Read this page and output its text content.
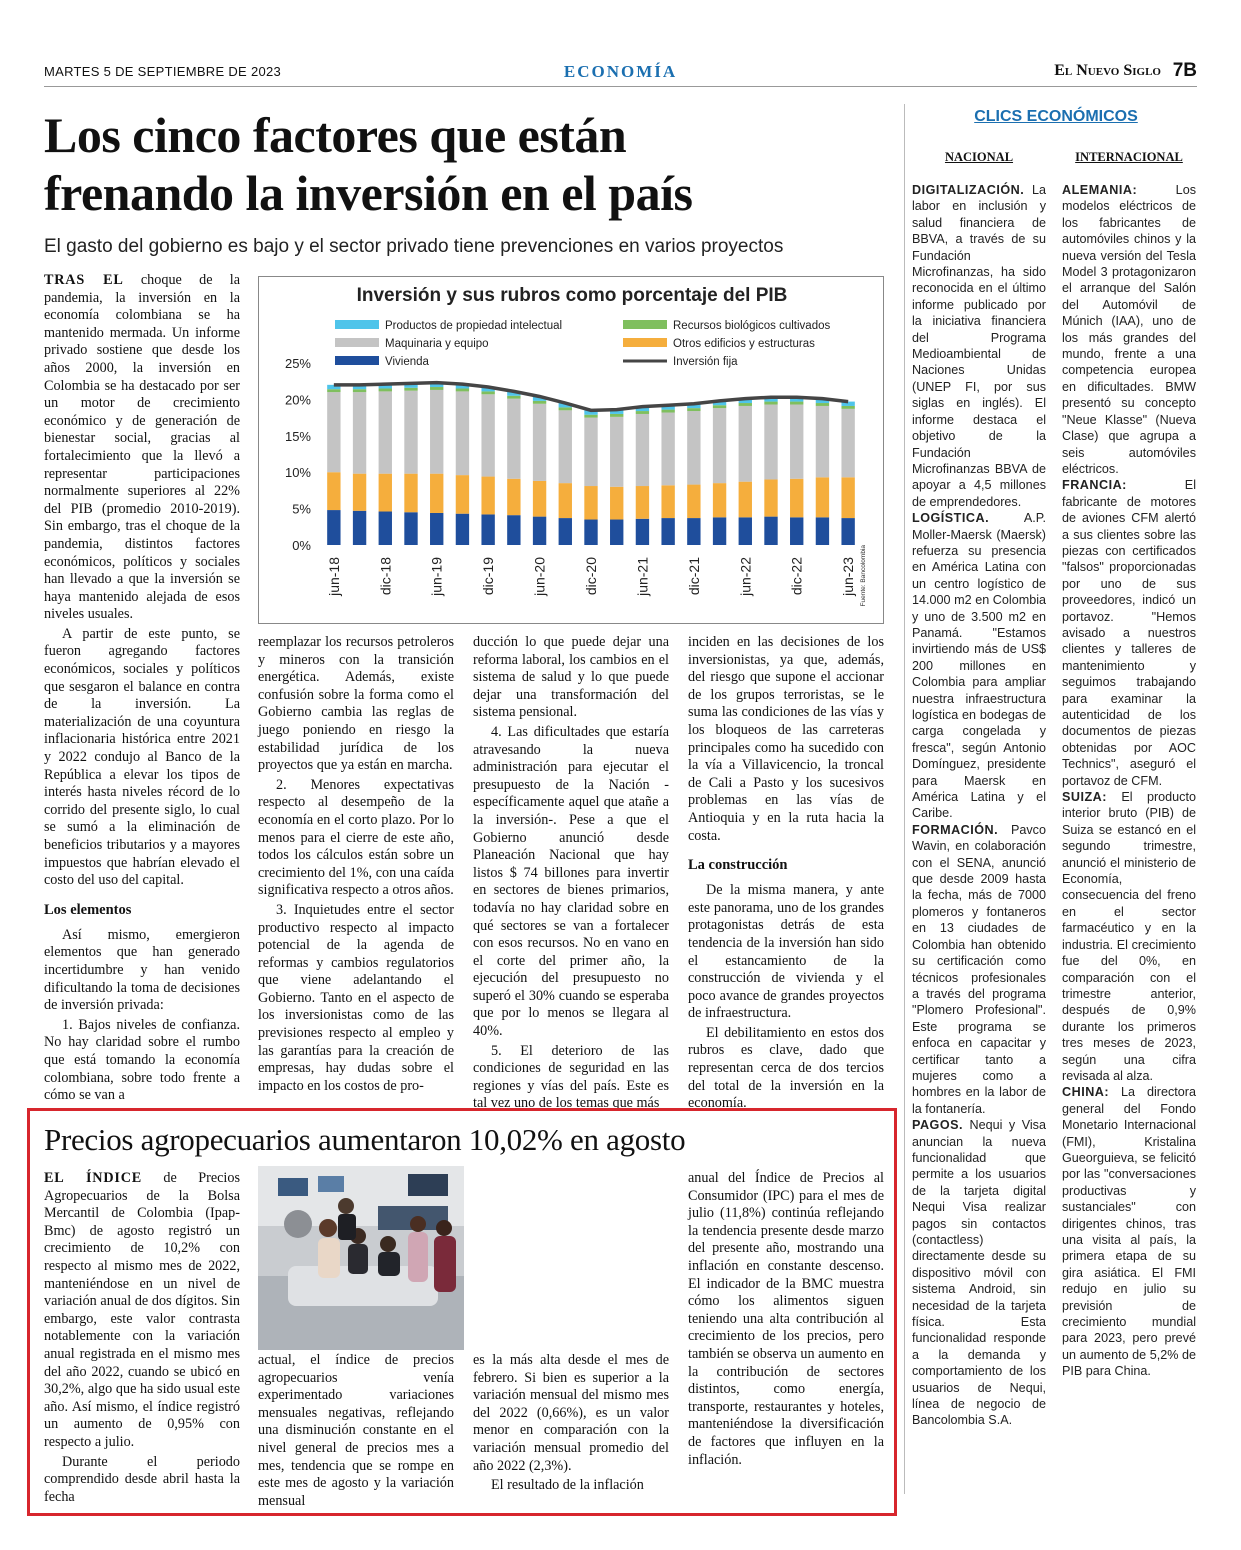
MARTES 5 DE SEPTIEMBRE DE 2023	ECONOMÍA	El Nuevo Siglo 7B
Los cinco factores que están
frenando la inversión en el país
El gasto del gobierno es bajo y el sector privado tiene prevenciones en varios proyectos

TRAS EL choque de la pandemia, la inversión en la economía colombiana se ha mantenido mermada. Un informe privado sostiene que desde los años 2000, la inversión en Colombia se ha destacado por ser un motor de crecimiento económico y de generación de bienestar social, gracias al fortalecimiento que la llevó a representar participaciones normalmente superiores al 22% del PIB (promedio 2010-2019). Sin embargo, tras el choque de la pandemia, distintos factores económicos, políticos y sociales han llevado a que la inversión se haya mantenido alejada de esos niveles usuales.

A partir de este punto, se fueron agregando factores económicos, sociales y políticos que sesgaron el balance en contra de la inversión. La materialización de una coyuntura inflacionaria histórica entre 2021 y 2022 condujo al Banco de la República a elevar los tipos de interés hasta niveles récord de lo corrido del presente siglo, lo cual se sumó a la eliminación de beneficios tributarios y a mayores impuestos que habrían elevado el costo del uso del capital.

Los elementos

Así mismo, emergieron elementos que han generado incertidumbre y han venido dificultando la toma de decisiones de inversión privada:

1. Bajos niveles de confianza. No hay claridad sobre el rumbo que está tomando la economía colombiana, sobre todo frente a cómo se van a

Inversión y sus rubros como porcentaje del PIB
0%
5%
10%
15%
20%
25%
Productos de propiedad intelectual	Recursos biológicos cultivados
Maquinaria y equipo	Otros edificios y estructuras
Vivienda	Inversión fija
jun-18	dic-18	jun-19	dic-19	jun-20	dic-20	jun-21	dic-21	jun-22	dic-22	jun-23 Fuente: Bancolombia

reemplazar los recursos petroleros y mineros con la transición energética. Además, existe confusión sobre la forma como el Gobierno cambia las reglas de juego poniendo en riesgo la estabilidad jurídica de los proyectos que ya están en marcha.

2. Menores expectativas respecto al desempeño de la economía en el corto plazo. Por lo menos para el cierre de este año, todos los cálculos están sobre un crecimiento del 1%, con una caída significativa respecto a otros años.

3. Inquietudes entre el sector productivo respecto al impacto potencial de la agenda de reformas y cambios regulatorios que viene adelantando el Gobierno. Tanto en el aspecto de los inversionistas como de las previsiones respecto al empleo y las garantías para la creación de empresas, hay dudas sobre el impacto en los costos de pro-

ducción lo que puede dejar una reforma laboral, los cambios en el sistema de salud y lo que puede dejar una transformación del sistema pensional.

4. Las dificultades que estaría atravesando la nueva administración para ejecutar el presupuesto de la Nación -específicamente aquel que atañe a la inversión-. Pese a que el Gobierno anunció desde Planeación Nacional que hay listos $ 74 billones para invertir en sectores de bienes primarios, todavía no hay claridad sobre en qué sectores se van a fortalecer con esos recursos. No en vano en el corte del primer año, la ejecución del presupuesto no superó el 30% cuando se esperaba que por lo menos se llegara al 40%.

5. El deterioro de las condiciones de seguridad en las regiones y vías del país. Este es tal vez uno de los temas que más

inciden en las decisiones de los inversionistas, ya que, además, del riesgo que supone el accionar de los grupos terroristas, se le suma las condiciones de las vías y los bloqueos de las carreteras principales como ha sucedido con la vía a Villavicencio, la troncal de Cali a Pasto y los sucesivos problemas en las vías de Antioquia y en la ruta hacia la costa.

La construcción

De la misma manera, y ante este panorama, uno de los grandes protagonistas detrás de esta tendencia de la inversión han sido el estancamiento de la construcción de vivienda y el poco avance de grandes proyectos de infraestructura.

El debilitamiento en estos dos rubros es clave, dado que representan cerca de dos tercios del total de la inversión en la economía.

CLICS ECONÓMICOS
NACIONAL	INTERNACIONAL

DIGITALIZACIÓN. La labor en inclusión y salud financiera de BBVA, a través de su Fundación Microfinanzas, ha sido reconocida en el último informe publicado por la iniciativa financiera del Programa Medioambiental de Naciones Unidas (UNEP FI, por sus siglas en inglés). El informe destaca el objetivo de la Fundación Microfinanzas BBVA de apoyar a 4,5 millones de emprendedores.

LOGÍSTICA. A.P. Moller-Maersk (Maersk) refuerza su presencia en América Latina con un centro logístico de 14.000 m2 en Colombia y uno de 3.500 m2 en Panamá. "Estamos invirtiendo más de US$ 200 millones en Colombia para ampliar nuestra infraestructura logística en bodegas de carga congelada y fresca", según Antonio Domínguez, presidente para Maersk en América Latina y el Caribe.

FORMACIÓN. Pavco Wavin, en colaboración con el SENA, anunció que desde 2009 hasta la fecha, más de 7000 plomeros y fontaneros en 13 ciudades de Colombia han obtenido su certificación como técnicos profesionales a través del programa "Plomero Profesional". Este programa se enfoca en capacitar y certificar tanto a mujeres como a hombres en la labor de la fontanería.

PAGOS. Nequi y Visa anuncian la nueva funcionalidad que permite a los usuarios de la tarjeta digital Nequi Visa realizar pagos sin contactos (contactless) directamente desde su dispositivo móvil con sistema Android, sin necesidad de la tarjeta física. Esta funcionalidad responde a la demanda y comportamiento de los usuarios de Nequi, línea de negocio de Bancolombia S.A.

ALEMANIA: Los modelos eléctricos de los fabricantes de automóviles chinos y la nueva versión del Tesla Model 3 protagonizaron el arranque del Salón del Automóvil de Múnich (IAA), uno de los más grandes del mundo, frente a una competencia europea en dificultades. BMW presentó su concepto "Neue Klasse" (Nueva Clase) que agrupa a seis automóviles eléctricos.

FRANCIA: El fabricante de motores de aviones CFM alertó a sus clientes sobre las piezas con certificados "falsos" proporcionadas por uno de sus proveedores, indicó un portavoz. "Hemos avisado a nuestros clientes y talleres de mantenimiento y seguimos trabajando para examinar la autenticidad de los documentos de piezas obtenidas por AOC Technics", aseguró el portavoz de CFM.

SUIZA: El producto interior bruto (PIB) de Suiza se estancó en el segundo trimestre, anunció el ministerio de Economía, consecuencia del freno en el sector farmacéutico y en la industria. El crecimiento fue del 0%, en comparación con el trimestre anterior, después de 0,9% durante los primeros tres meses de 2023, según una cifra revisada al alza.

CHINA: La directora general del Fondo Monetario Internacional (FMI), Kristalina Gueorguieva, se felicitó por las "conversaciones productivas y sustanciales" con dirigentes chinos, tras una visita al país, la primera etapa de su gira asiática. El FMI redujo en julio su previsión de crecimiento mundial para 2023, pero prevé un aumento de 5,2% de PIB para China.

Precios agropecuarios aumentaron 10,02% en agosto

EL ÍNDICE de Precios Agropecuarios de la Bolsa Mercantil de Colombia (Ipap-Bmc) de agosto registró un crecimiento de 10,2% con respecto al mismo mes de 2022, manteniéndose en un nivel de variación anual de dos dígitos. Sin embargo, este valor contrasta notablemente con la variación anual registrada en el mismo mes del año 2022, cuando se ubicó en 30,2%, algo que ha sido usual este año. Así mismo, el índice registró un aumento de 0,95% con respecto a julio.

Durante el periodo comprendido desde abril hasta la fecha

actual, el índice de precios agropecuarios venía experimentado variaciones mensuales negativas, reflejando una disminución constante en el nivel general de precios mes a mes, tendencia que se rompe en este mes de agosto y la variación mensual

es la más alta desde el mes de febrero. Si bien es superior a la variación mensual del mismo mes del 2022 (0,66%), es un valor menor en comparación con la variación mensual promedio del año 2022 (2,3%).

El resultado de la inflación

anual del Índice de Precios al Consumidor (IPC) para el mes de julio (11,8%) continúa reflejando la tendencia presente desde marzo del presente año, mostrando una inflación en constante descenso. El indicador de la BMC muestra cómo los alimentos siguen teniendo una alta contribución al crecimiento de los precios, pero también se observa un aumento en la contribución de sectores distintos, como energía, transporte, restaurantes y hoteles, manteniéndose la diversificación de factores que influyen en la inflación.
